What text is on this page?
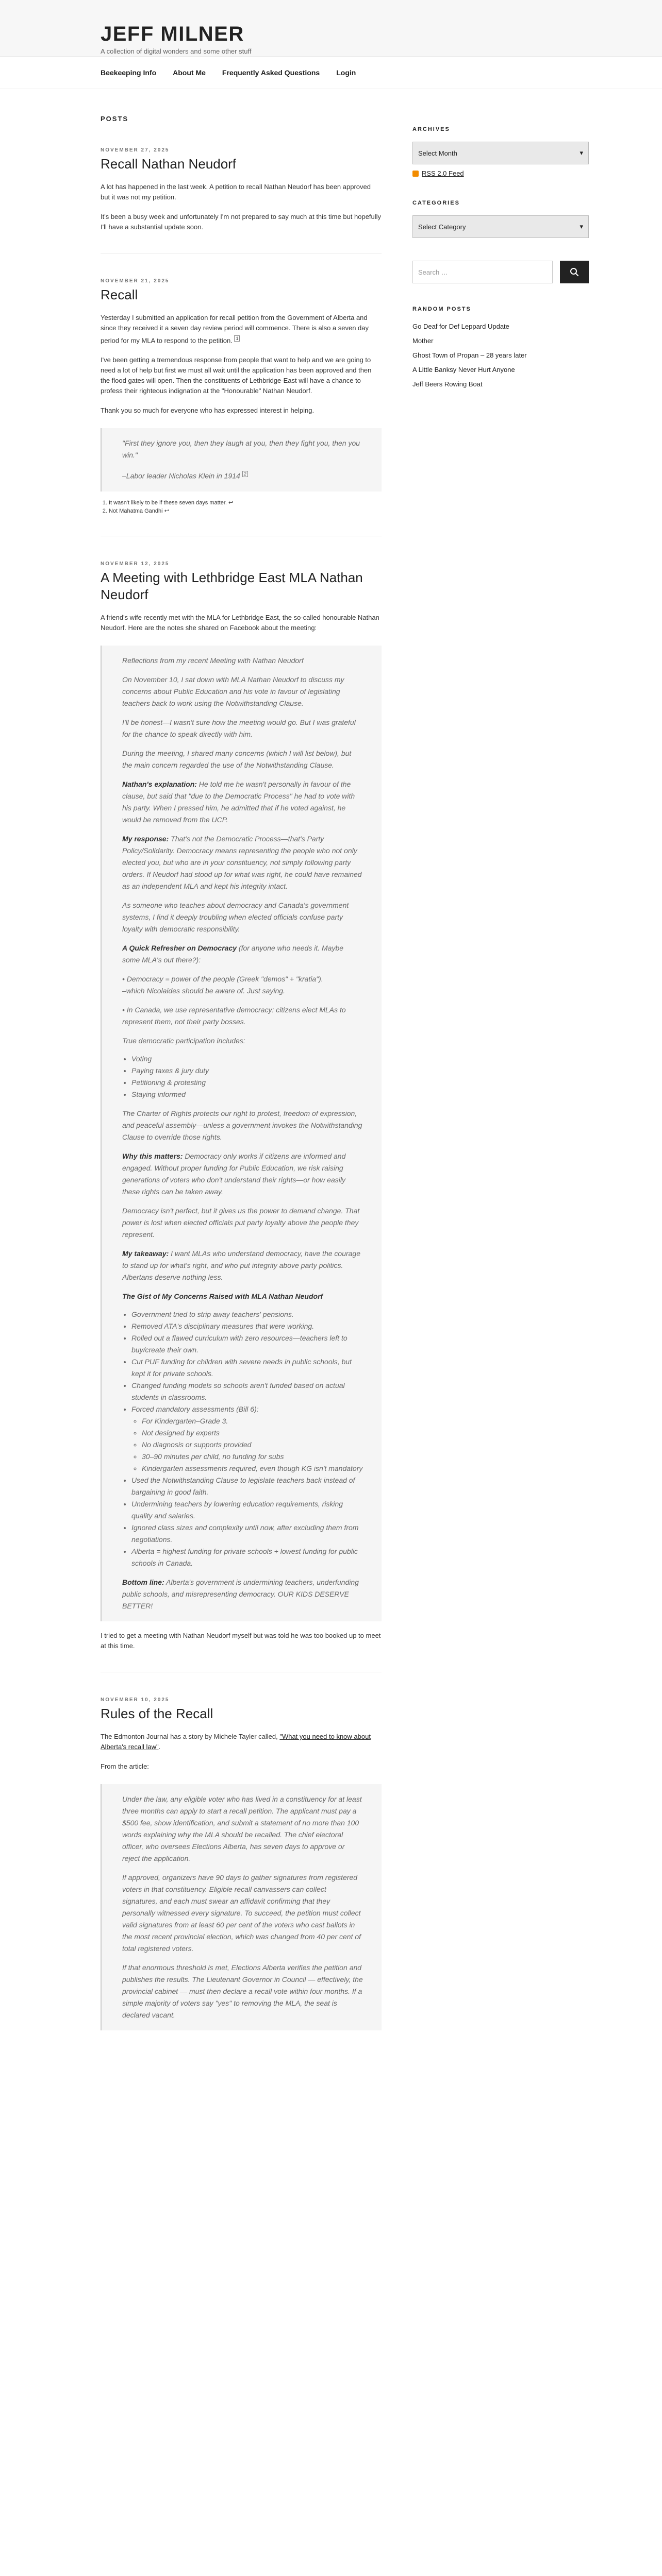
JEFF MILNER
A collection of digital wonders and some other stuff
Beekeeping Info About Me Frequently Asked Questions Login
POSTS
NOVEMBER 27, 2025
Recall Nathan Neudorf

A lot has happened in the last week. A petition to recall Nathan Neudorf has been approved but it was not my petition.

It's been a busy week and unfortunately I'm not prepared to say much at this time but hopefully I'll have a substantial update soon.

NOVEMBER 21, 2025
Recall

Yesterday I submitted an application for recall petition from the Government of Alberta and since they received it a seven day review period will commence. There is also a seven day period for my MLA to respond to the petition. $^1$

I've been getting a tremendous response from people that want to help and we are going to need a lot of help but first we must all wait until the application has been approved and then the flood gates will open. Then the constituents of Lethbridge-East will have a chance to profess their righteous indignation at the "Honourable" Nathan Neudorf.

Thank you so much for everyone who has expressed interest in helping.

"First they ignore you, then they laugh at you, then they fight you, then you win."

–Labor leader Nicholas Klein in 1914 $^2$

1. It wasn't likely to be if these seven days matter. ↩
2. Not Mahatma Gandhi ↩
NOVEMBER 12, 2025
A Meeting with Lethbridge East MLA Nathan Neudorf

A friend's wife recently met with the MLA for Lethbridge East, the so-called honourable Nathan Neudorf. Here are the notes she shared on Facebook about the meeting:

Reflections from my recent Meeting with Nathan Neudorf

On November 10, I sat down with MLA Nathan Neudorf to discuss my concerns about Public Education and his vote in favour of legislating teachers back to work using the Notwithstanding Clause.

I'll be honest—I wasn't sure how the meeting would go. But I was grateful for the chance to speak directly with him.

During the meeting, I shared many concerns (which I will list below), but the main concern regarded the use of the Notwithstanding Clause.

Nathan's explanation: He told me he wasn't personally in favour of the clause, but said that "due to the Democratic Process" he had to vote with his party. When I pressed him, he admitted that if he voted against, he would be removed from the UCP.

My response: That's not the Democratic Process—that's Party Policy/Solidarity. Democracy means representing the people who not only elected you, but who are in your constituency, not simply following party orders. If Neudorf had stood up for what was right, he could have remained as an independent MLA and kept his integrity intact.

As someone who teaches about democracy and Canada's government systems, I find it deeply troubling when elected officials confuse party loyalty with democratic responsibility.

A Quick Refresher on Democracy (for anyone who needs it. Maybe some MLA's out there?):

• Democracy = power of the people (Greek "demos" + "kratia").
–which Nicolaides should be aware of. Just saying.

• In Canada, we use representative democracy: citizens elect MLAs to represent them, not their party bosses.

True democratic participation includes:

• Voting
• Paying taxes & jury duty
• Petitioning & protesting
• Staying informed

The Charter of Rights protects our right to protest, freedom of expression, and peaceful assembly—unless a government invokes the Notwithstanding Clause to override those rights.

Why this matters: Democracy only works if citizens are informed and engaged. Without proper funding for Public Education, we risk raising generations of voters who don't understand their rights—or how easily these rights can be taken away.

Democracy isn't perfect, but it gives us the power to demand change. That power is lost when elected officials put party loyalty above the people they represent.

My takeaway: I want MLAs who understand democracy, have the courage to stand up for what's right, and who put integrity above party politics. Albertans deserve nothing less.

The Gist of My Concerns Raised with MLA Nathan Neudorf

• Government tried to strip away teachers' pensions.
• Removed ATA's disciplinary measures that were working.
• Rolled out a flawed curriculum with zero resources—teachers left to buy/create their own.
• Cut PUF funding for children with severe needs in public schools, but kept it for private schools.
• Changed funding models so schools aren't funded based on actual students in classrooms.
• Forced mandatory assessments (Bill 6):
◦ For Kindergarten–Grade 3.
◦ Not designed by experts
◦ No diagnosis or supports provided
◦ 30–90 minutes per child, no funding for subs
◦ Kindergarten assessments required, even though KG isn't mandatory
• Used the Notwithstanding Clause to legislate teachers back instead of bargaining in good faith.
• Undermining teachers by lowering education requirements, risking quality and salaries.
• Ignored class sizes and complexity until now, after excluding them from negotiations.
• Alberta = highest funding for private schools + lowest funding for public schools in Canada.

Bottom line: Alberta's government is undermining teachers, underfunding public schools, and misrepresenting democracy. OUR KIDS DESERVE BETTER!

I tried to get a meeting with Nathan Neudorf myself but was told he was too booked up to meet at this time.

NOVEMBER 10, 2025
Rules of the Recall

The Edmonton Journal has a story by Michele Tayler called, "What you need to know about Alberta's recall law".

From the article:

Under the law, any eligible voter who has lived in a constituency for at least three months can apply to start a recall petition. The applicant must pay a $500 fee, show identification, and submit a statement of no more than 100 words explaining why the MLA should be recalled. The chief electoral officer, who oversees Elections Alberta, has seven days to approve or reject the application.

If approved, organizers have 90 days to gather signatures from registered voters in that constituency. Eligible recall canvassers can collect signatures, and each must swear an affidavit confirming that they personally witnessed every signature. To succeed, the petition must collect valid signatures from at least 60 per cent of the voters who cast ballots in the most recent provincial election, which was changed from 40 per cent of total registered voters.

If that enormous threshold is met, Elections Alberta verifies the petition and publishes the results. The Lieutenant Governor in Council — effectively, the provincial cabinet — must then declare a recall vote within four months. If a simple majority of voters say "yes" to removing the MLA, the seat is declared vacant.

ARCHIVES
Select Month	▾
RSS 2.0 Feed
CATEGORIES
Select Category	▾
Search …
RANDOM POSTS
Go Deaf for Def Leppard Update
Mother
Ghost Town of Propan – 28 years later
A Little Banksy Never Hurt Anyone
Jeff Beers Rowing Boat
